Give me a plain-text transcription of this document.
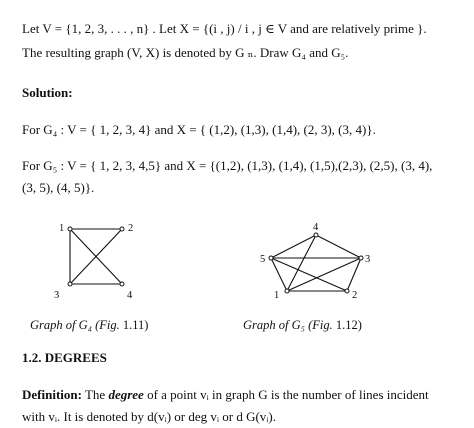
Let V = {1, 2, 3, . . . , n} . Let X = {(i , j) / i , j ∈ V and are relatively prime }.
The resulting graph (V, X) is denoted by G ₙ. Draw G₄ and G₅.
Solution:
For G₄ : V = { 1, 2, 3, 4} and X = { (1,2), (1,3), (1,4), (2, 3), (3, 4)}.
For G₅ : V = { 1, 2, 3, 4,5} and X = {(1,2), (1,3), (1,4), (1,5),(2,3), (2,5), (3, 4),
(3, 5), (4, 5)}.
1	2
3	4	1	2
3
4
5
Graph of G₄ (Fig. 1.11)	Graph of G₅ (Fig. 1.12)
1.2. DEGREES
Definition: The degree of a point vᵢ in graph G is the number of lines incident
with vᵢ. It is denoted by d(vᵢ) or deg vᵢ or d G(vᵢ).
